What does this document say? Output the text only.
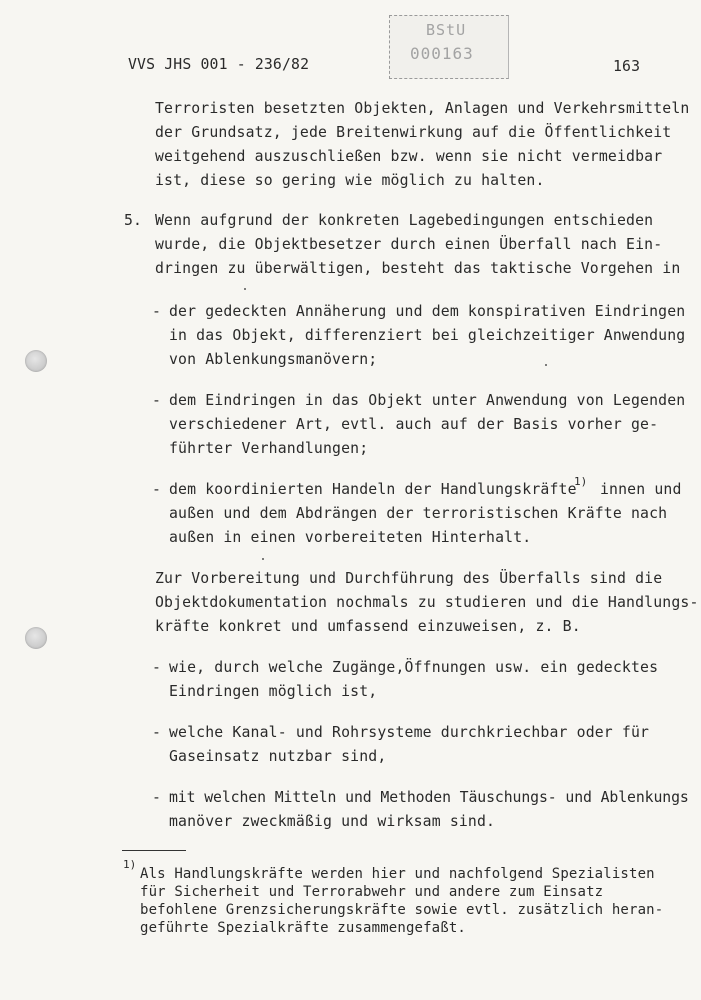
VVS JHS 001 - 236/82
BStU
000163
163
Terroristen besetzten Objekten, Anlagen und Verkehrsmitteln
der Grundsatz, jede Breitenwirkung auf die Öffentlichkeit
weitgehend auszuschließen bzw. wenn sie nicht vermeidbar
ist, diese so gering wie möglich zu halten.
5. Wenn aufgrund der konkreten Lagebedingungen entschieden
wurde, die Objektbesetzer durch einen Überfall nach Ein-
dringen zu überwältigen, besteht das taktische Vorgehen in
- der gedeckten Annäherung und dem konspirativen Eindringen
in das Objekt, differenziert bei gleichzeitiger Anwendung
von Ablenkungsmanövern;
- dem Eindringen in das Objekt unter Anwendung von Legenden
verschiedener Art, evtl. auch auf der Basis vorher ge-
führter Verhandlungen;
- dem koordinierten Handeln der Handlungskräfte
1) innen und
außen und dem Abdrängen der terroristischen Kräfte nach
außen in einen vorbereiteten Hinterhalt.
Zur Vorbereitung und Durchführung des Überfalls sind die
Objektdokumentation nochmals zu studieren und die Handlungs-
kräfte konkret und umfassend einzuweisen, z. B.
- wie, durch welche Zugänge,Öffnungen usw. ein gedecktes
Eindringen möglich ist,
- welche Kanal- und Rohrsysteme durchkriechbar oder für
Gaseinsatz nutzbar sind,
- mit welchen Mitteln und Methoden Täuschungs- und Ablenkungs
manöver zweckmäßig und wirksam sind.
1)
Als Handlungskräfte werden hier und nachfolgend Spezialisten
für Sicherheit und Terrorabwehr und andere zum Einsatz
befohlene Grenzsicherungskräfte sowie evtl. zusätzlich heran-
geführte Spezialkräfte zusammengefaßt.
